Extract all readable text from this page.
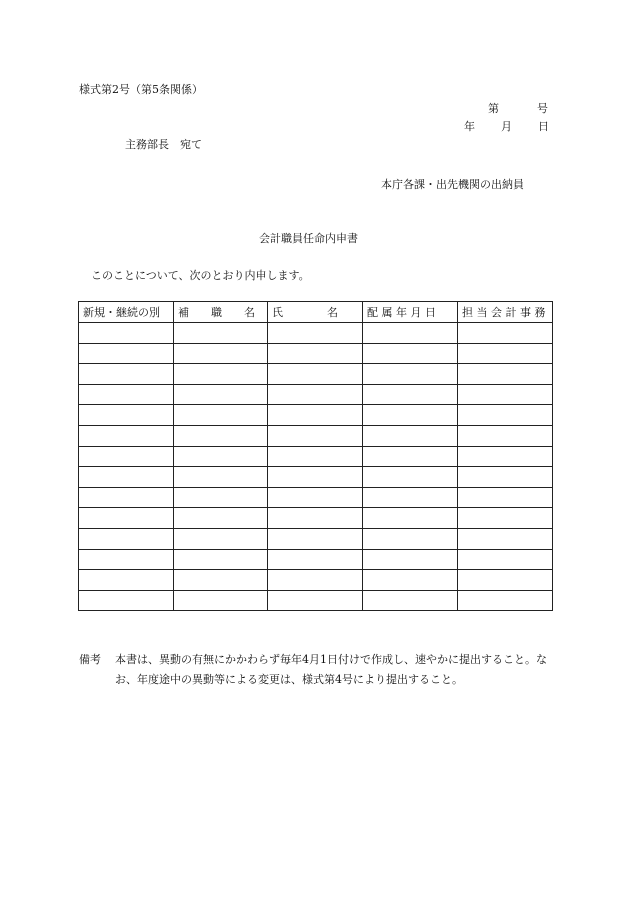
様式第2号（第5条関係）
第	号
年 月 日
主務部長　宛て
本庁各課・出先機関の出納員
会計職員任命内申書
このことについて、次のとおり内申します。
新規・継続の別	補　　職　　名	氏　　　　名	配 属 年 月 日	担 当 会 計 事 務

備考 本書は、異動の有無にかかわらず毎年4月1日付けで作成し、速やかに提出すること。なお、年度途中の異動等による変更は、様式第4号により提出すること。
